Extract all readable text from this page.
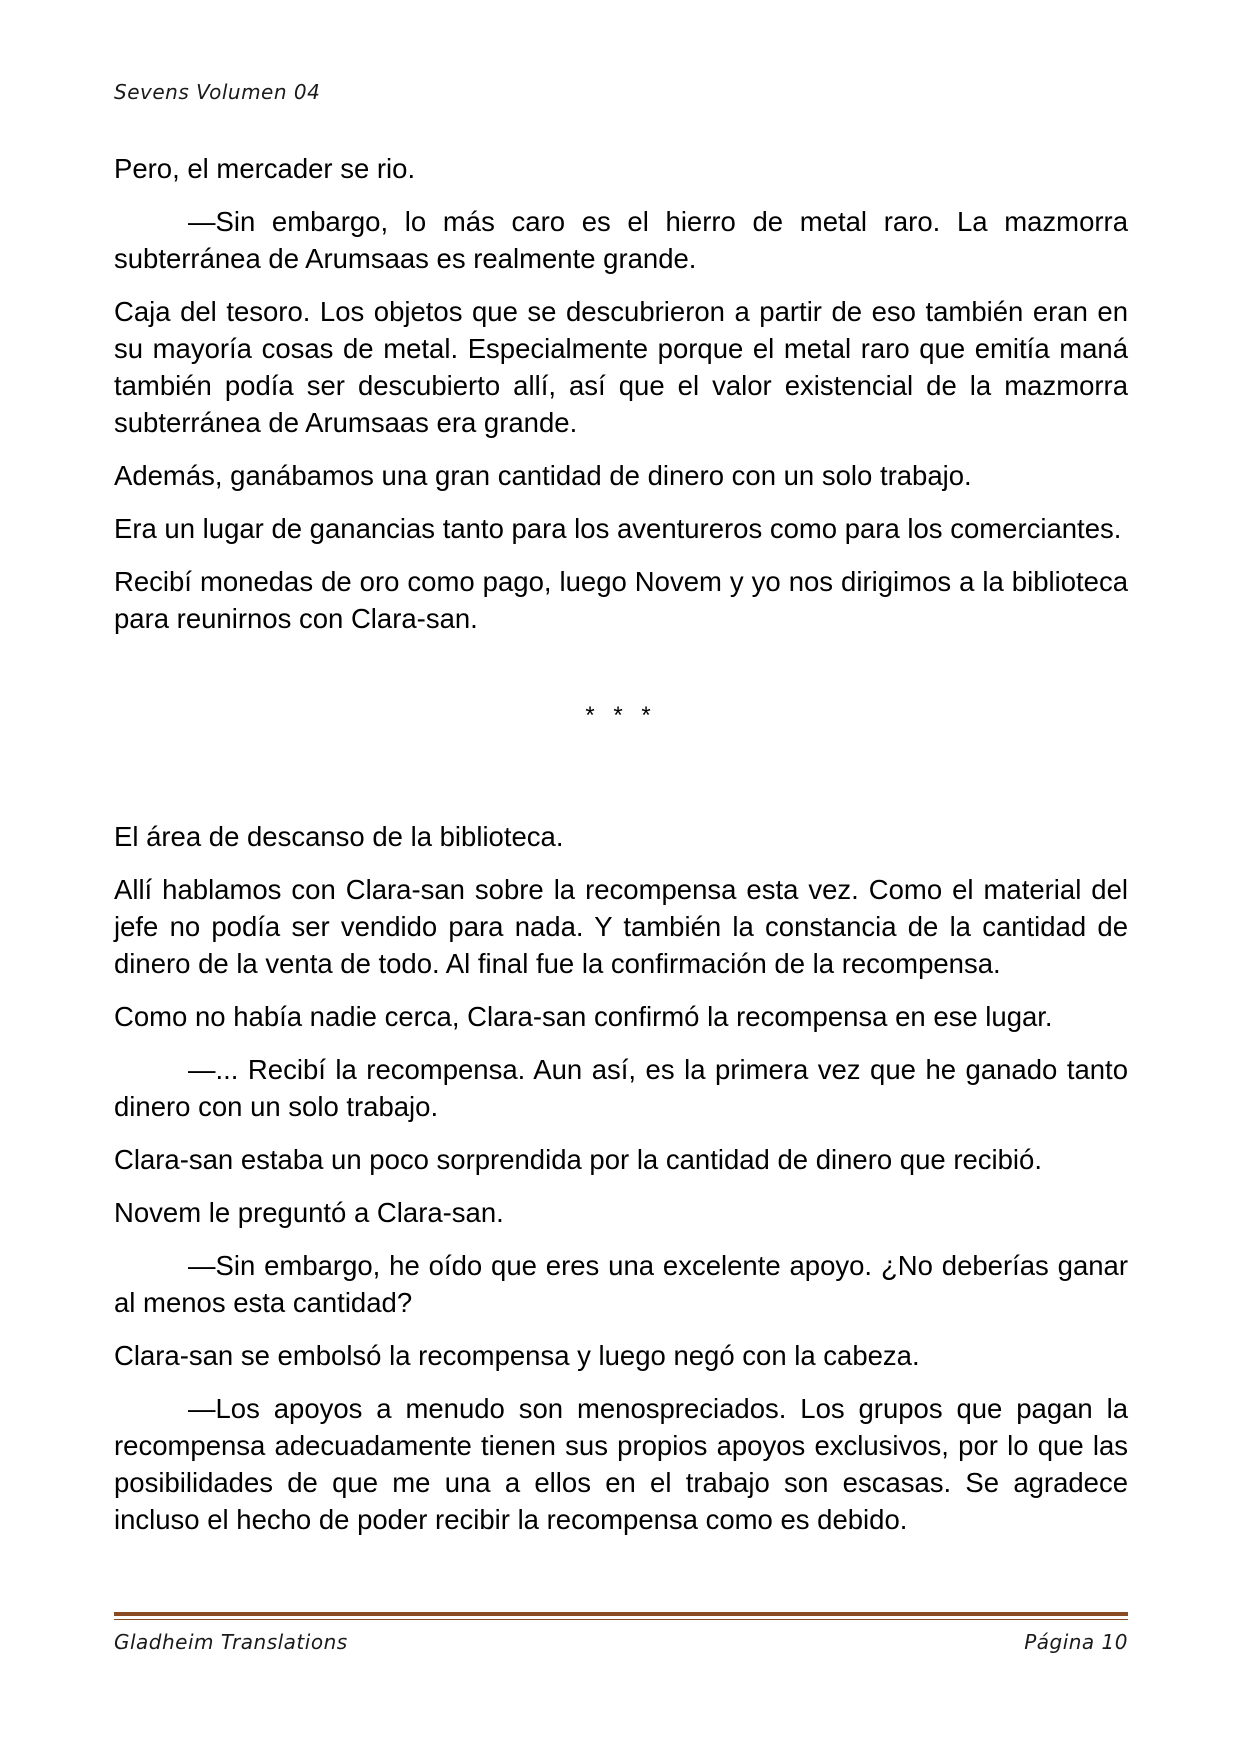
Sevens Volumen 04

Pero, el mercader se rio.

—Sin embargo, lo más caro es el hierro de metal raro. La mazmorra subterránea de Arumsaas es realmente grande.

Caja del tesoro. Los objetos que se descubrieron a partir de eso también eran en su mayoría cosas de metal. Especialmente porque el metal raro que emitía maná también podía ser descubierto allí, así que el valor existencial de la mazmorra subterránea de Arumsaas era grande.

Además, ganábamos una gran cantidad de dinero con un solo trabajo.

Era un lugar de ganancias tanto para los aventureros como para los comerciantes.

Recibí monedas de oro como pago, luego Novem y yo nos dirigimos a la biblioteca para reunirnos con Clara-san.

* * *

El área de descanso de la biblioteca.

Allí hablamos con Clara-san sobre la recompensa esta vez. Como el material del jefe no podía ser vendido para nada. Y también la constancia de la cantidad de dinero de la venta de todo. Al final fue la confirmación de la recompensa.

Como no había nadie cerca, Clara-san confirmó la recompensa en ese lugar.

—... Recibí la recompensa. Aun así, es la primera vez que he ganado tanto dinero con un solo trabajo.

Clara-san estaba un poco sorprendida por la cantidad de dinero que recibió.

Novem le preguntó a Clara-san.

—Sin embargo, he oído que eres una excelente apoyo. ¿No deberías ganar al menos esta cantidad?

Clara-san se embolsó la recompensa y luego negó con la cabeza.

—Los apoyos a menudo son menospreciados. Los grupos que pagan la recompensa adecuadamente tienen sus propios apoyos exclusivos, por lo que las posibilidades de que me una a ellos en el trabajo son escasas. Se agradece incluso el hecho de poder recibir la recompensa como es debido.

Gladheim Translations	Página 10
